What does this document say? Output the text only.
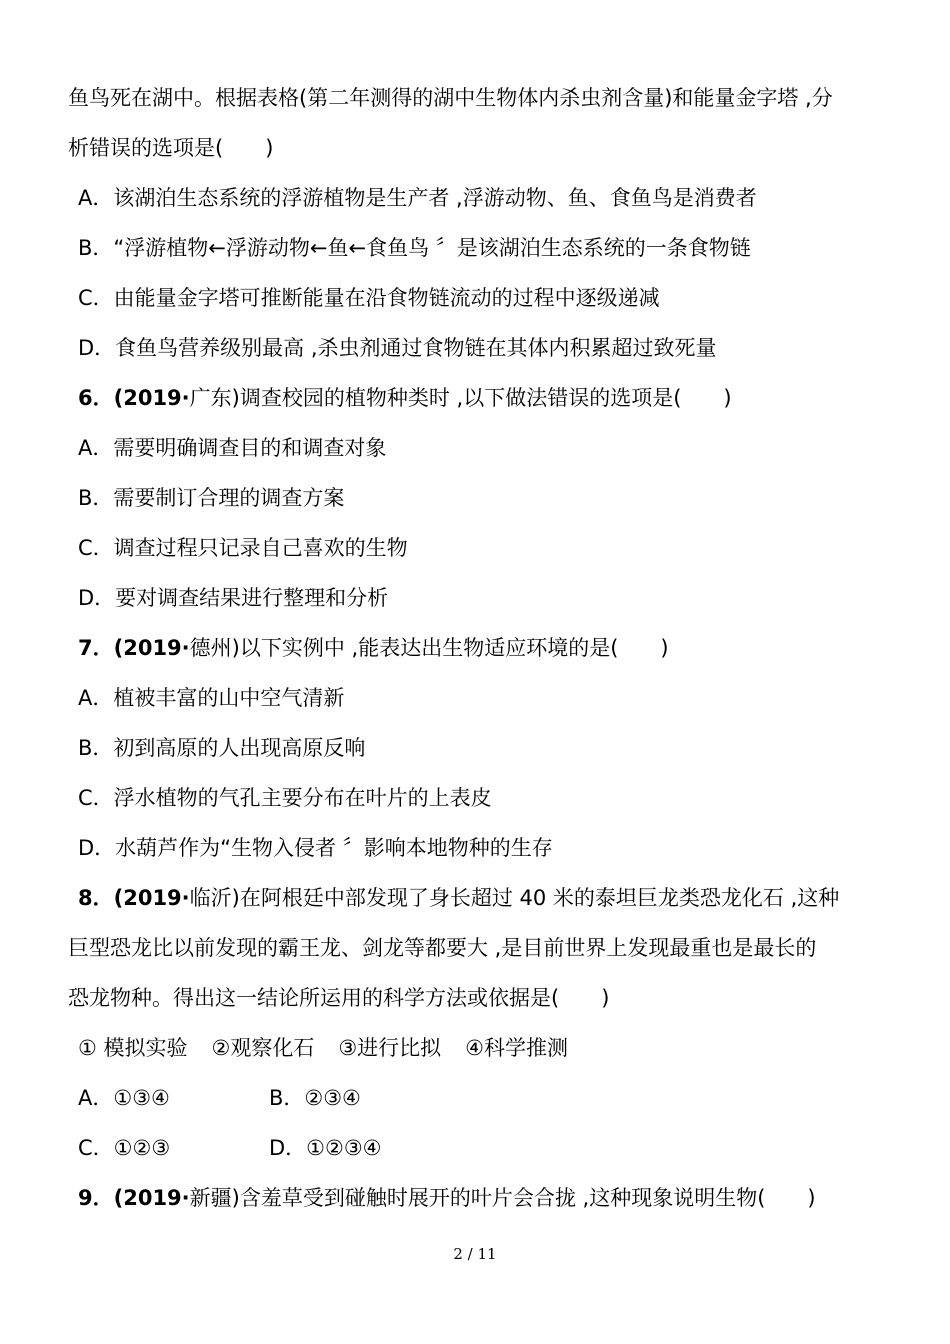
鱼鸟死在湖中。根据表格(第二年测得的湖中生物体内杀虫剂含量)和能量金字塔 ,分
析错误的选项是(　　)
A．该湖泊生态系统的浮游植物是生产者 ,浮游动物、鱼、食鱼鸟是消费者
B．“浮游植物←浮游动物←鱼←食鱼鸟 〞是该湖泊生态系统的一条食物链
C．由能量金字塔可推断能量在沿食物链流动的过程中逐级递减
D．食鱼鸟营养级别最高 ,杀虫剂通过食物链在其体内积累超过致死量
6．(2019·广东)调查校园的植物种类时 ,以下做法错误的选项是(　　)
A．需要明确调查目的和调查对象
B．需要制订合理的调查方案
C．调查过程只记录自己喜欢的生物
D．要对调查结果进行整理和分析
7．(2019·德州)以下实例中 ,能表达出生物适应环境的是(　　)
A．植被丰富的山中空气清新
B．初到高原的人出现高原反响
C．浮水植物的气孔主要分布在叶片的上表皮
D．水葫芦作为“生物入侵者 〞影响本地物种的生存
8．(2019·临沂)在阿根廷中部发现了身长超过 40 米的泰坦巨龙类恐龙化石 ,这种
巨型恐龙比以前发现的霸王龙、剑龙等都要大 ,是目前世界上发现最重也是最长的
恐龙物种。得出这一结论所运用的科学方法或依据是(　　)
① 模拟实验 ②观察化石 ③进行比拟 ④科学推测
A．①③④	B．②③④
C．①②③	D．①②③④
9．(2019·新疆)含羞草受到碰触时展开的叶片会合拢 ,这种现象说明生物(　　)
2 / 11
